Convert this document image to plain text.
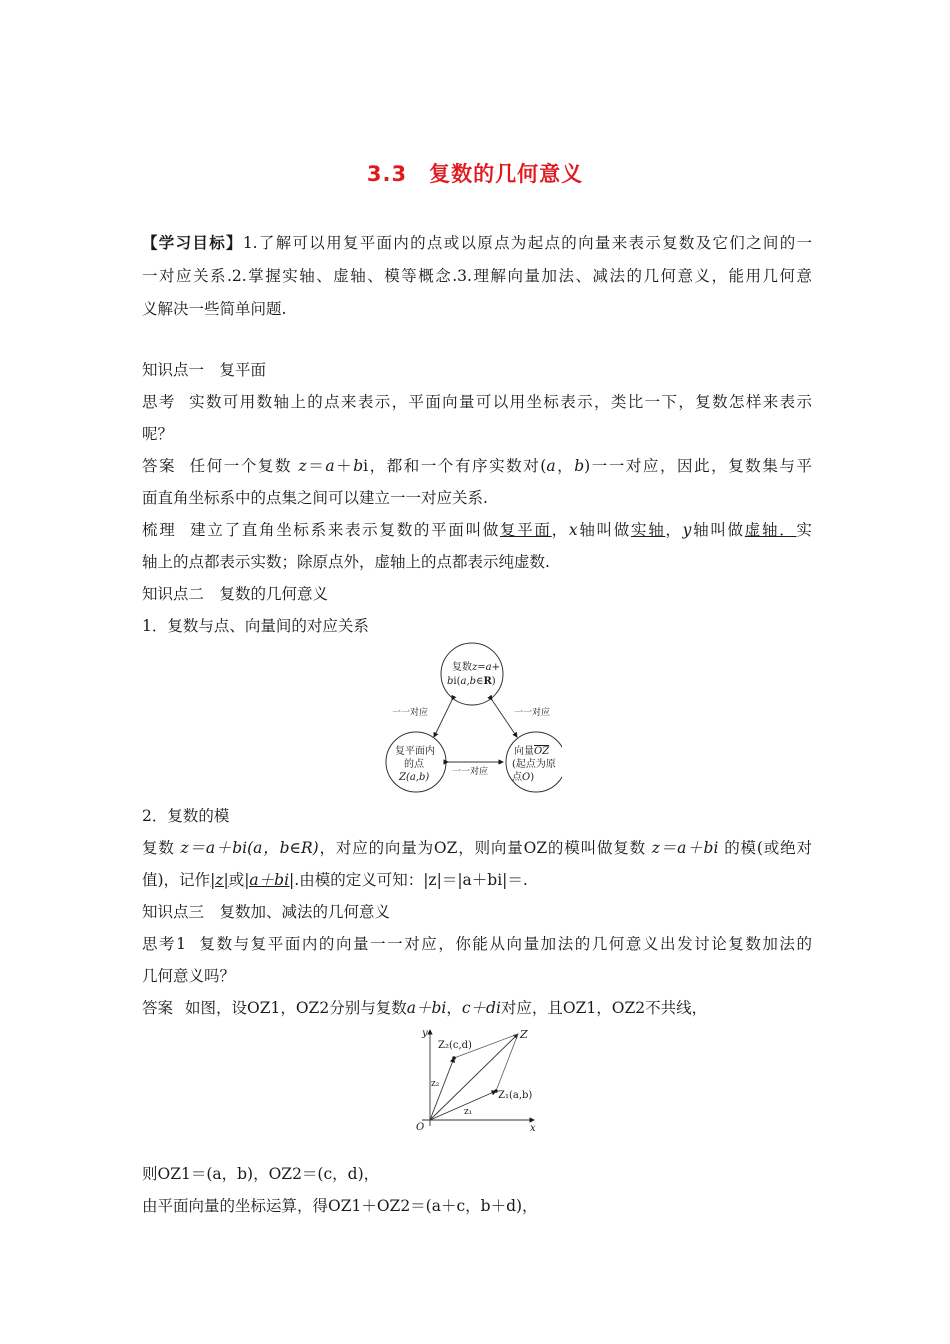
3.3　复数的几何意义
【学习目标】1.了解可以用复平面内的点或以原点为起点的向量来表示复数及它们之间的一
一对应关系.2.掌握实轴、虚轴、模等概念.3.理解向量加法、减法的几何意义，能用几何意
义解决一些简单问题.
知识点一　复平面
思考 实数可用数轴上的点来表示，平面向量可以用坐标表示，类比一下，复数怎样来表示
呢？
答案 任何一个复数 z＝a＋bi，都和一个有序实数对(a，b)一一对应，因此，复数集与平
面直角坐标系中的点集之间可以建立一一对应关系.
梳理 建立了直角坐标系来表示复数的平面叫做复平面，x轴叫做实轴，y轴叫做虚轴．实
轴上的点都表示实数；除原点外，虚轴上的点都表示纯虚数.
知识点二　复数的几何意义
1．复数与点、向量间的对应关系
复数z=a+
bi(a,b∈R)
复平面内
的点
Z(a,b)
向量OZ
(起点为原
点O)
一一对应	一一对应
一一对应
2．复数的模
复数 z＝a＋bi(a，b∈R)，对应的向量为OZ，则向量OZ的模叫做复数 z＝a＋bi 的模(或绝对
值)，记作|z|或|a＋bi|.由模的定义可知：|z|＝|a＋bi|＝.
知识点三　复数加、减法的几何意义
思考1 复数与复平面内的向量一一对应，你能从向量加法的几何意义出发讨论复数加法的
几何意义吗？
答案 如图，设OZ1，OZ2分别与复数a＋bi，c＋di对应，且OZ1，OZ2不共线，
y
x
O
Z
Z₂(c,d)
Z₁(a,b)
z₂
z₁
则OZ1＝(a，b)，OZ2＝(c，d)，
由平面向量的坐标运算，得OZ1＋OZ2＝(a＋c，b＋d)，
